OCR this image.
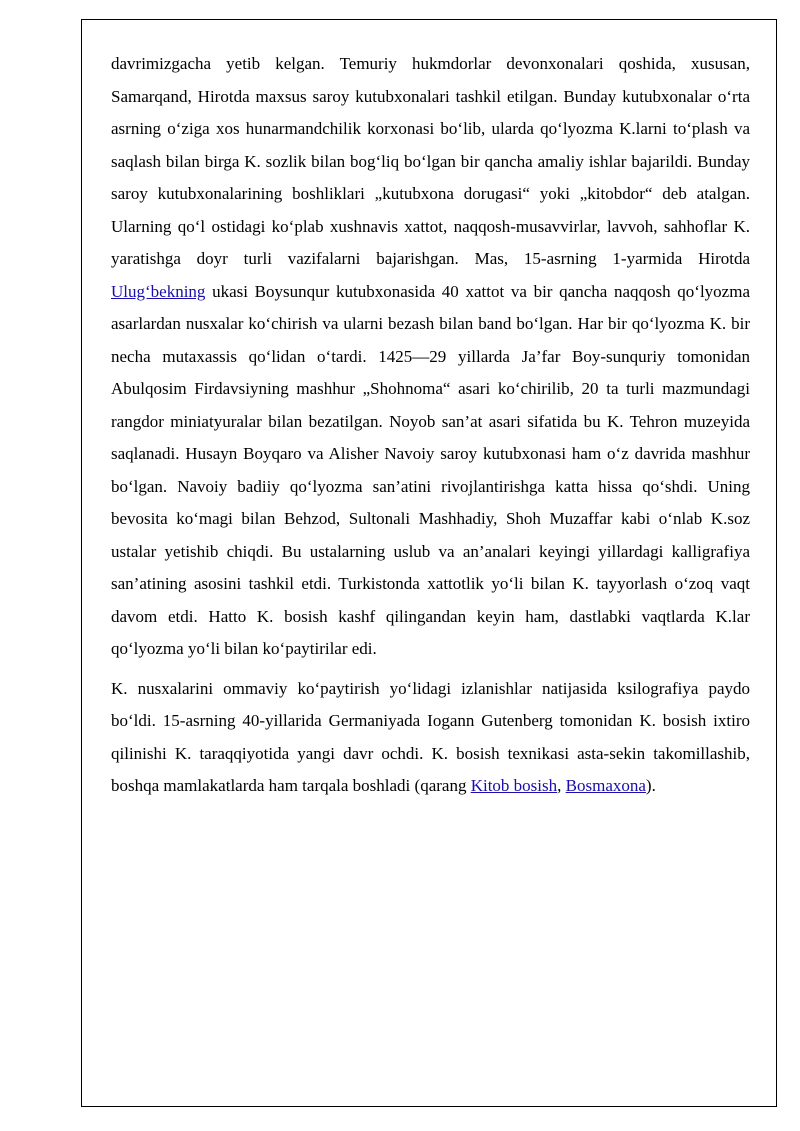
davrimizgacha yetib kelgan. Temuriy hukmdorlar devonxonalari qoshida, xususan, Samarqand, Hirotda maxsus saroy kutubxonalari tashkil etilgan. Bunday kutubxonalar o‘rta asrning o‘ziga xos hunarmandchilik korxonasi bo‘lib, ularda qo‘lyozma K.larni to‘plash va saqlash bilan birga K. sozlik bilan bog‘liq bo‘lgan bir qancha amaliy ishlar bajarildi. Bunday saroy kutubxonalarining boshliklari „kutubxona dorugasi“ yoki „kitobdor“ deb atalgan. Ularning qo‘l ostidagi ko‘plab xushnavis xattot, naqqosh-musavvirlar, lavvoh, sahhoflar K. yaratishga doyr turli vazifalarni bajarishgan. Mas, 15-asrning 1-yarmida Hirotda Ulug‘bekning ukasi Boysunqur kutubxonasida 40 xattot va bir qancha naqqosh qo‘lyozma asarlardan nusxalar ko‘chirish va ularni bezash bilan band bo‘lgan. Har bir qo‘lyozma K. bir necha mutaxassis qo‘lidan o‘tardi. 1425—29 yillarda Ja’far Boy-sunquriy tomonidan Abulqosim Firdavsiyning mashhur „Shohnoma“ asari ko‘chirilib, 20 ta turli mazmundagi rangdor miniatyuralar bilan bezatilgan. Noyob san’at asari sifatida bu K. Tehron muzeyida saqlanadi. Husayn Boyqaro va Alisher Navoiy saroy kutubxonasi ham o‘z davrida mashhur bo‘lgan. Navoiy badiiy qo‘lyozma san’atini rivojlantirishga katta hissa qo‘shdi. Uning bevosita ko‘magi bilan Behzod, Sultonali Mashhadiy, Shoh Muzaffar kabi o‘nlab K.soz ustalar yetishib chiqdi. Bu ustalarning uslub va an’analari keyingi yillardagi kalligrafiya san’atining asosini tashkil etdi. Turkistonda xattotlik yo‘li bilan K. tayyorlash o‘zoq vaqt davom etdi. Hatto K. bosish kashf qilingandan keyin ham, dastlabki vaqtlarda K.lar qo‘lyozma yo‘li bilan ko‘paytirilar edi.

K. nusxalarini ommaviy ko‘paytirish yo‘lidagi izlanishlar natijasida ksilografiya paydo bo‘ldi. 15-asrning 40-yillarida Germaniyada Iogann Gutenberg tomonidan K. bosish ixtiro qilinishi K. taraqqiyotida yangi davr ochdi. K. bosish texnikasi asta-sekin takomillashib, boshqa mamlakatlarda ham tarqala boshladi (qarang Kitob bosish, Bosmaxona).
